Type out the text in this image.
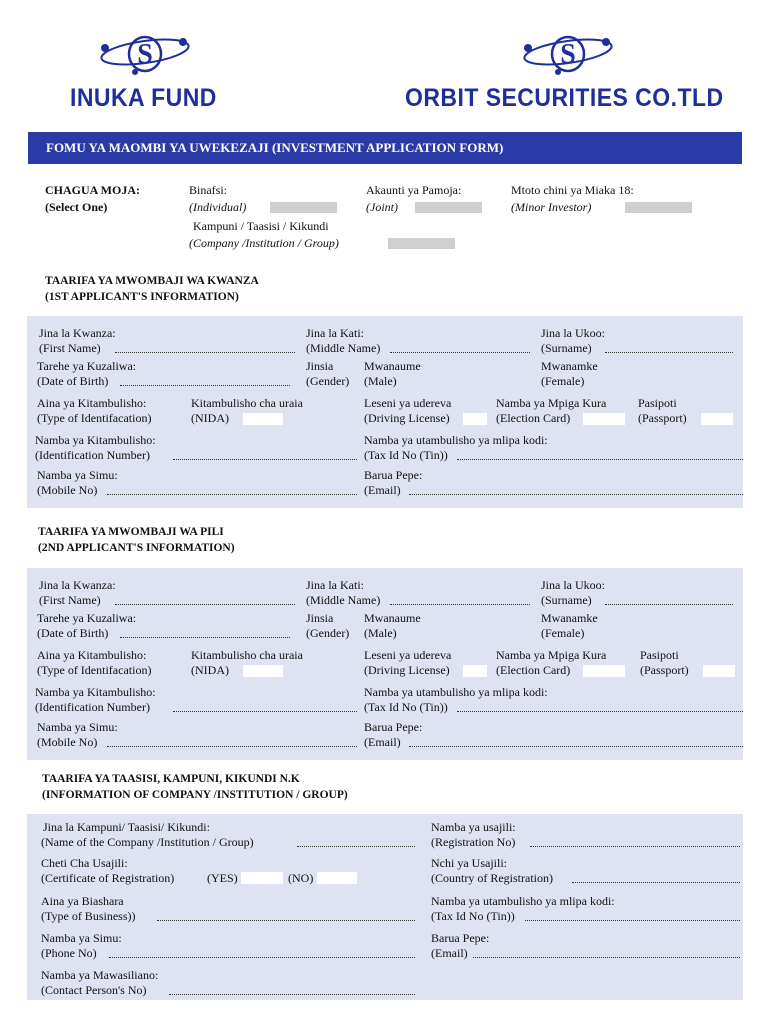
S
INUKA FUND
S
ORBIT SECURITIES CO.TLD
FOMU YA MAOMBI YA UWEKEZAJI (INVESTMENT APPLICATION FORM)
CHAGUA MOJA:
(Select One)
Binafsi:
(Individual)
Akaunti ya Pamoja:
(Joint)
Mtoto chini ya Miaka 18:
(Minor Investor)
Kampuni / Taasisi / Kikundi
(Company /Institution / Group)
TAARIFA YA MWOMBAJI WA KWANZA
(1ST APPLICANT'S INFORMATION)
Jina la Kwanza:
(First Name)
Jina la Kati:
(Middle Name)
Jina la Ukoo:
(Surname)
Tarehe ya Kuzaliwa:
(Date of Birth)
Jinsia
(Gender)
Mwanaume
(Male)
Mwanamke
(Female)
Aina ya Kitambulisho:
(Type of Identifacation)
Kitambulisho cha uraia
(NIDA)
Leseni ya udereva
(Driving License)
Namba ya Mpiga Kura
(Election Card)
Pasipoti
(Passport)
Namba ya Kitambulisho:
(Identification Number)
Namba ya utambulisho ya mlipa kodi:
(Tax Id No (Tin))
Namba ya Simu:
(Mobile No)
Barua Pepe:
(Email)
TAARIFA YA MWOMBAJI WA PILI
(2ND APPLICANT'S INFORMATION)
Jina la Kwanza:
(First Name)
Jina la Kati:
(Middle Name)
Jina la Ukoo:
(Surname)
Tarehe ya Kuzaliwa:
(Date of Birth)
Jinsia
(Gender)
Mwanaume
(Male)
Mwanamke
(Female)
Aina ya Kitambulisho:
(Type of Identifacation)
Kitambulisho cha uraia
(NIDA)
Leseni ya udereva
(Driving License)
Namba ya Mpiga Kura
(Election Card)
Pasipoti
(Passport)
Namba ya Kitambulisho:
(Identification Number)
Namba ya utambulisho ya mlipa kodi:
(Tax Id No (Tin))
Namba ya Simu:
(Mobile No)
Barua Pepe:
(Email)
TAARIFA YA TAASISI, KAMPUNI, KIKUNDI N.K
(INFORMATION OF COMPANY /INSTITUTION / GROUP)
Jina la Kampuni/ Taasisi/ Kikundi:
(Name of the Company /Institution / Group)
Namba ya usajili:
(Registration No)
Cheti Cha Usajili:
(Certificate of Registration)	(YES)	(NO)
Nchi ya Usajili:
(Country of Registration)
Aina ya Biashara
(Type of Business))
Namba ya utambulisho ya mlipa kodi:
(Tax Id No (Tin))
Namba ya Simu:
(Phone No)
Barua Pepe:
(Email)
Namba ya Mawasiliano:
(Contact Person's No)
